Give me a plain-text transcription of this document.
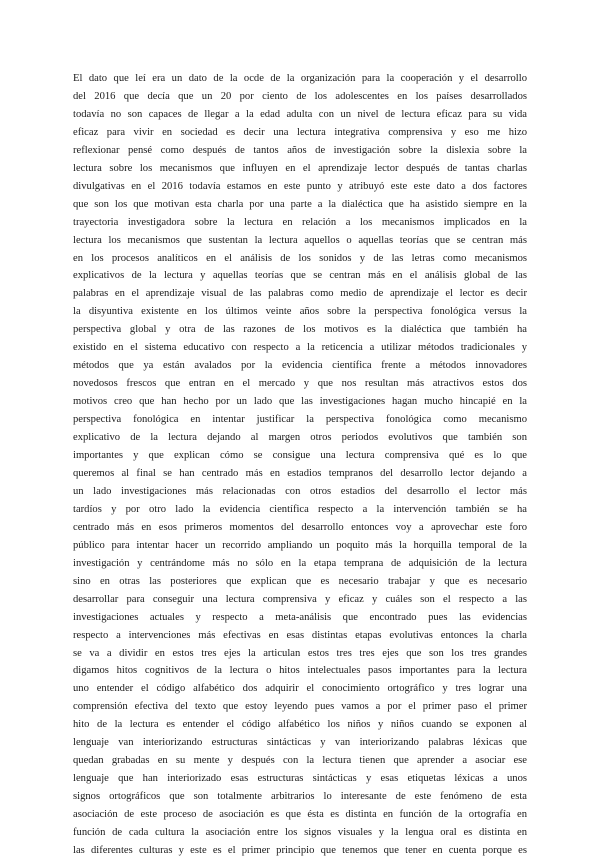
El dato que leí era un dato de la ocde de la organización para la cooperación y el desarrollo
del 2016 que decía que un 20 por ciento de los adolescentes en los países desarrollados
todavía no son capaces de llegar a la edad adulta con un nivel de lectura eficaz para su vida
eficaz para vivir en sociedad es decir una lectura integrativa comprensiva y eso me hizo
reflexionar pensé como después de tantos años de investigación sobre la dislexia sobre la
lectura sobre los mecanismos que influyen en el aprendizaje lector después de tantas charlas
divulgativas en el 2016 todavía estamos en este punto y atribuyó este este dato a dos factores
que son los que motivan esta charla por una parte a la dialéctica que ha asistido siempre en la
trayectoria investigadora sobre la lectura en relación a los mecanismos implicados en la
lectura los mecanismos que sustentan la lectura aquellos o aquellas teorías que se centran más
en los procesos analíticos en el análisis de los sonidos y de las letras como mecanismos
explicativos de la lectura y aquellas teorías que se centran más en el análisis global de las
palabras en el aprendizaje visual de las palabras como medio de aprendizaje el lector es decir
la disyuntiva existente en los últimos veinte años sobre la perspectiva fonológica versus la
perspectiva global y otra de las razones de los motivos es la dialéctica que también ha
existido en el sistema educativo con respecto a la reticencia a utilizar métodos tradicionales y
métodos que ya están avalados por la evidencia científica frente a métodos innovadores
novedosos frescos que entran en el mercado y que nos resultan más atractivos estos dos
motivos creo que han hecho por un lado que las investigaciones hagan mucho hincapié en la
perspectiva fonológica en intentar justificar la perspectiva fonológica como mecanismo
explicativo de la lectura dejando al margen otros periodos evolutivos que también son
importantes y que explican cómo se consigue una lectura comprensiva qué es lo que
queremos al final se han centrado más en estadios tempranos del desarrollo lector dejando a
un lado investigaciones más relacionadas con otros estadios del desarrollo el lector más
tardíos y por otro lado la evidencia científica respecto a la intervención también se ha
centrado más en esos primeros momentos del desarrollo entonces voy a aprovechar este foro
público para intentar hacer un recorrido ampliando un poquito más la horquilla temporal de la
investigación y centrándome más no sólo en la etapa temprana de adquisición de la lectura
sino en otras las posteriores que explican que es necesario trabajar y que es necesario
desarrollar para conseguir una lectura comprensiva y eficaz y cuáles son el respecto a las
investigaciones actuales y respecto a meta-análisis que encontrado pues las evidencias
respecto a intervenciones más efectivas en esas distintas etapas evolutivas entonces la charla
se va a dividir en estos tres ejes la articulan estos tres tres ejes que son los tres grandes
digamos hitos cognitivos de la lectura o hitos intelectuales pasos importantes para la lectura
uno entender el código alfabético dos adquirir el conocimiento ortográfico y tres lograr una
comprensión efectiva del texto que estoy leyendo pues vamos a por el primer paso el primer
hito de la lectura es entender el código alfabético los niños y niños cuando se exponen al
lenguaje van interiorizando estructuras sintácticas y van interiorizando palabras léxicas que
quedan grabadas en su mente y después con la lectura tienen que aprender a asociar ese
lenguaje que han interiorizado esas estructuras sintácticas y esas etiquetas léxicas a unos
signos ortográficos que son totalmente arbitrarios lo interesante de este fenómeno de esta
asociación de este proceso de asociación es que ésta es distinta en función de la ortografía en
función de cada cultura la asociación entre los signos visuales y la lengua oral es distinta en
las diferentes culturas y este es el primer principio que tenemos que tener en cuenta porque es
